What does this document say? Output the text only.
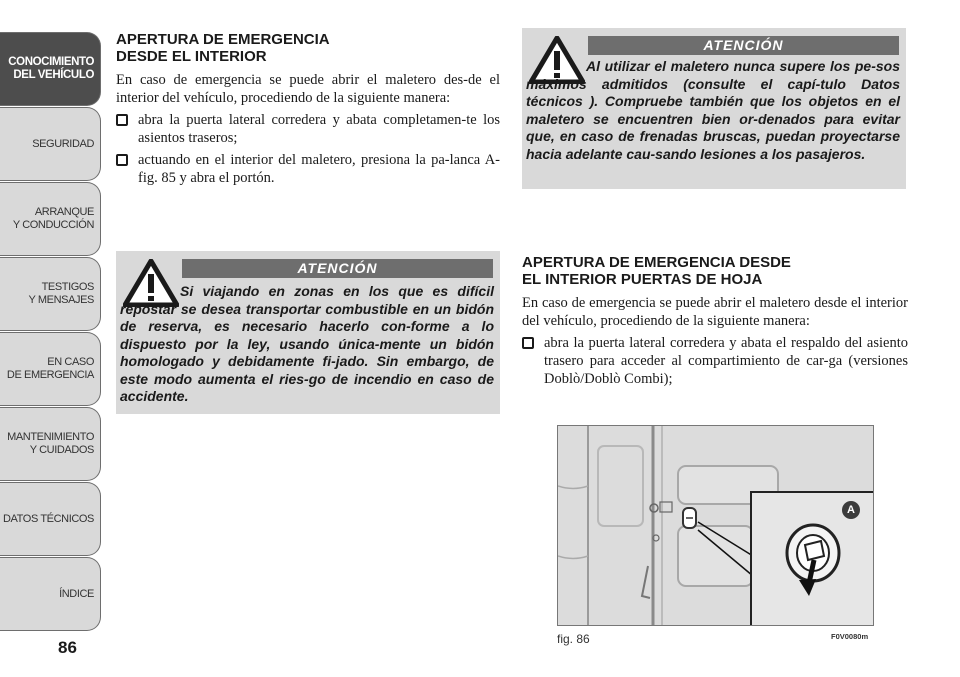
CONOCIMIENTO
DEL VEHÍCULO
SEGURIDAD
ARRANQUE
Y CONDUCCIÓN
TESTIGOS
Y MENSAJES
EN CASO
DE EMERGENCIA
MANTENIMIENTO
Y CUIDADOS
DATOS TÉCNICOS
ÍNDICE
86
APERTURA DE EMERGENCIA
DESDE EL INTERIOR

En caso de emergencia se puede abrir el maletero des-de el interior del vehículo, procediendo de la siguiente manera:

abra la puerta lateral corredera y abata completamen-te los asientos traseros;
actuando en el interior del maletero, presiona la pa-lanca A-fig. 85 y abra el portón.
ATENCIÓN
Si viajando en zonas en los que es difícil repostar se desea transportar combustible en un bidón de reserva, es necesario hacerlo con-forme a lo dispuesto por la ley, usando única-mente un bidón homologado y debidamente fi-jado. Sin embargo, de este modo aumenta el ries-go de incendio en caso de accidente.
ATENCIÓN
Al utilizar el maletero nunca supere los pe-sos máximos admitidos (consulte el capí-tulo Datos técnicos ). Compruebe también que los objetos en el maletero se encuentren bien or-denados para evitar que, en caso de frenadas bruscas, puedan proyectarse hacia adelante cau-sando lesiones a los pasajeros.
APERTURA DE EMERGENCIA DESDE
EL INTERIOR PUERTAS DE HOJA

En caso de emergencia se puede abrir el maletero desde el interior del vehículo, procediendo de la siguiente manera:

abra la puerta lateral corredera y abata el respaldo del asiento trasero para acceder al compartimiento de car-ga (versiones Doblò/Doblò Combi);
A
fig. 86	F0V0080m
